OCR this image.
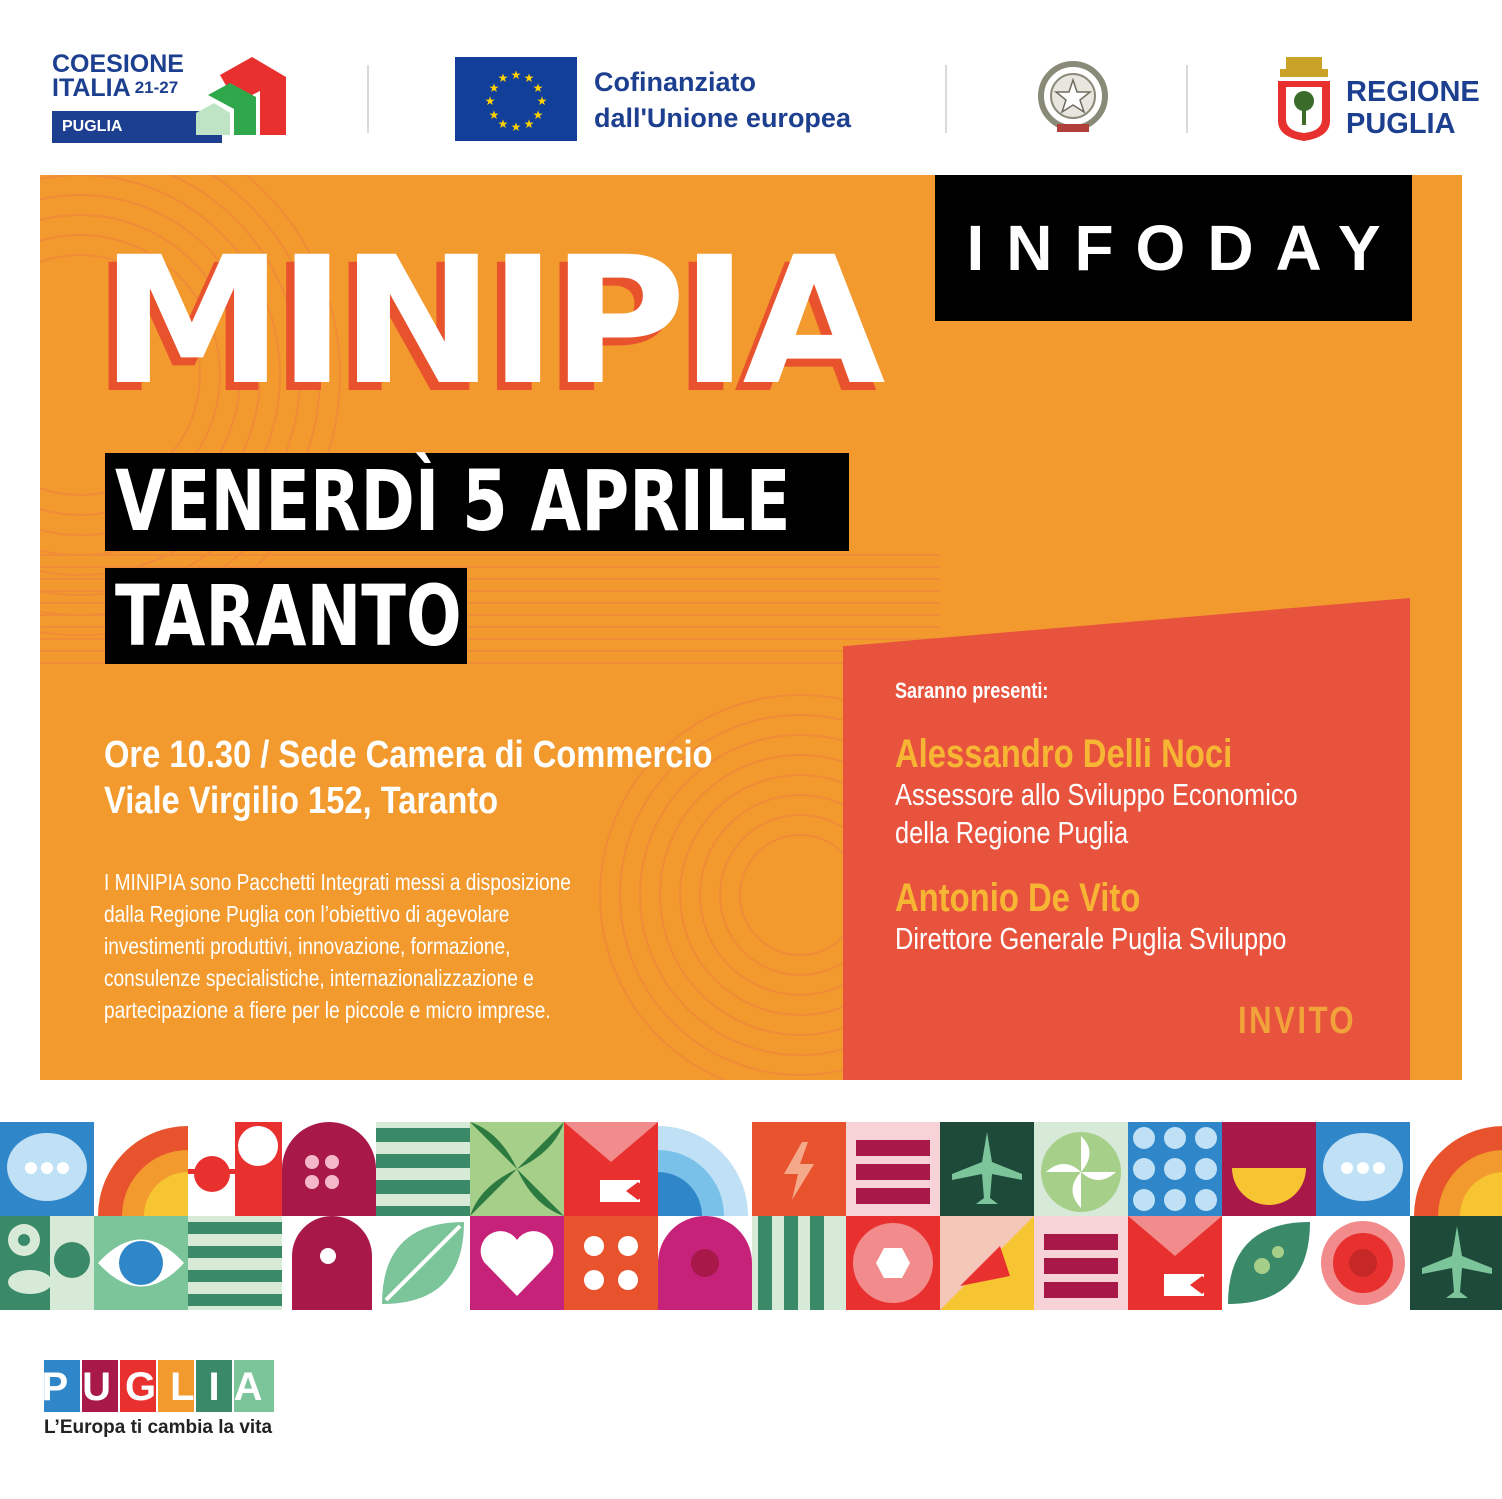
COESIONE
ITALIA $^{21-27}$
PUGLIA
★
★
★	★
★
★
★
★
★
★
★
★
Cofinanziato
dall'Unione europea
REGIONE
PUGLIA
INFODAY
MINIPIA
VENERDÌ 5 APRILE
TARANTO
Ore 10.30 / Sede Camera di Commercio
Viale Virgilio 152, Taranto
I MINIPIA sono Pacchetti Integrati messi a disposizione
dalla Regione Puglia con l’obiettivo di agevolare
investimenti produttivi, innovazione, formazione,
consulenze specialistiche, internazionalizzazione e
partecipazione a fiere per le piccole e micro imprese.
Saranno presenti:
Alessandro Delli Noci
Assessore allo Sviluppo Economico
della Regione Puglia
Antonio De Vito
Direttore Generale Puglia Sviluppo
INVITO
PUGLIA
L’Europa ti cambia la vita
